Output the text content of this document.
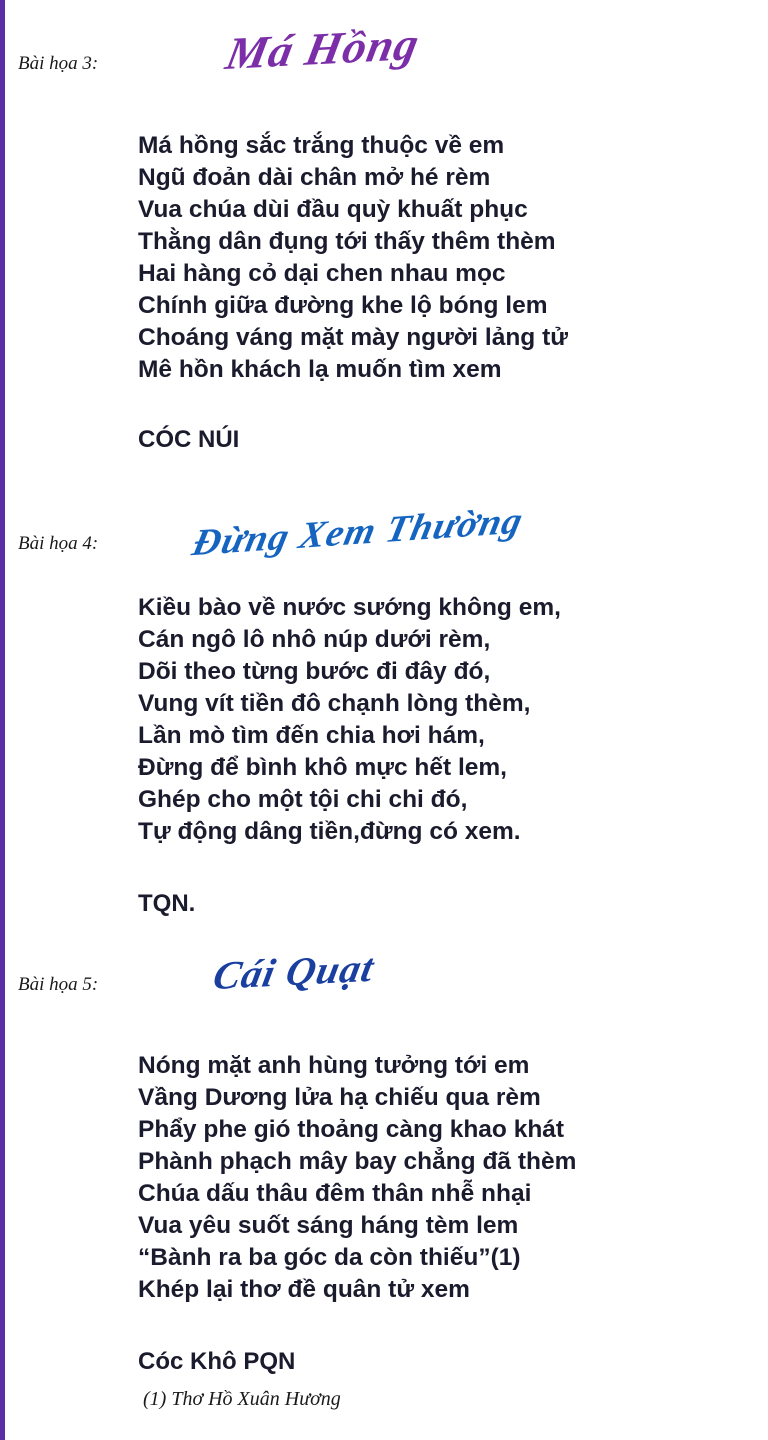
Bài họa 3:	Má Hồng
Má hồng sắc trắng thuộc về em
Ngũ đoản dài chân mở hé rèm
Vua chúa dùi đầu quỳ khuất phục
Thằng dân đụng tới thấy thêm thèm
Hai hàng cỏ dại chen nhau mọc
Chính giữa đường khe lộ bóng lem
Choáng váng mặt mày người lảng tử
Mê hồn khách lạ muốn tìm xem
CÓC NÚI
Bài họa 4: Đừng Xem Thường
Kiều bào về nước sướng không em,
Cán ngô lô nhô núp dưới rèm,
Dõi theo từng bước đi đây đó,
Vung vít tiền đô chạnh lòng thèm,
Lần mò tìm đến chia hơi hám,
Đừng để bình khô mực hết lem,
Ghép cho một tội chi chi đó,
Tự động dâng tiền,đừng có xem.
TQN.
Bài họa 5:	Cái Quạt
Nóng mặt anh hùng tưởng tới em
Vầng Dương lửa hạ chiếu qua rèm
Phẩy phe gió thoảng càng khao khát
Phành phạch mây bay chẳng đã thèm
Chúa dấu thâu đêm thân nhễ nhại
Vua yêu suốt sáng háng tèm lem
“Bành ra ba góc da còn thiếu”(1)
Khép lại thơ đề quân tử xem
Cóc Khô PQN
(1) Thơ Hồ Xuân Hương
